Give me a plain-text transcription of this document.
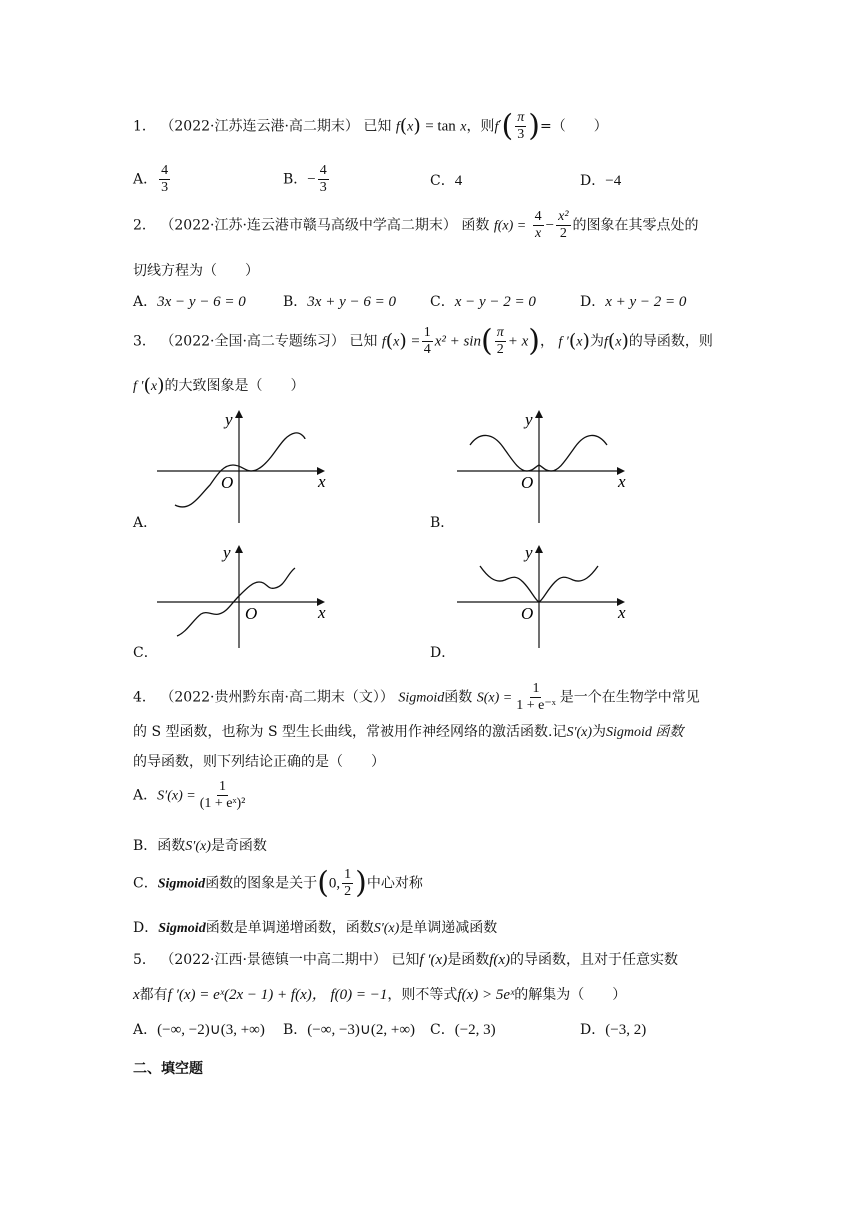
1． （2022·江苏连云港·高二期末） 已知 f(x) = tan x，则$f'( \frac{\pi}{3}$ )=（　　）
A． $\frac{4}{3}$	B．− $\frac{4}{3}$	C．4	D．−4
2． （2022·江苏·连云港市赣马高级中学高二期末） 函数 $f(x) = \frac{4}{x} - \frac{\text{x²}}{2}$ 的图象在其零点处的
切线方程为（　　）
A．3x − y − 6 = 0	B．3x + y − 6 = 0 C．x − y − 2 = 0	D．x + y − 2 = 0
3． （2022·全国·高二专题练习） 已知 $f(x) = \frac{1}{4} x^2 + \sin( \frac{\pi}{2} + x)$， f ′(x)为f(x)的导函数，则
f ′(x)的大致图象是（　　）
y
x
O
A．
y
x
O
B．
y
x
O
C．
y
x
O
D．
4． （2022·贵州黔东南·高二期末（文）） Sigmoid函数 $S(x) = \frac{1}{\text{1 + e⁻ˣ}}$ 是一个在生物学中常见
的 S 型函数，也称为 S 型生长曲线，常被用作神经网络的激活函数.记S′(x)为Sigmoid 函数
的导函数，则下列结论正确的是（　　）
A．$S'(x) = \frac{1}{\text{(1 + eˣ)²}}$
B．函数S′(x)是奇函数
C．Sigmoid函数的图象是关于(0, $\frac{1}{2}$ )中心对称
D．Sigmoid函数是单调递增函数，函数S′(x)是单调递减函数
5． （2022·江西·景德镇一中高二期中） 已知f ′(x)是函数f(x)的导函数，且对于任意实数
x都有f ′(x) = eˣ(2x − 1) + f(x)， f(0) = −1，则不等式f(x) > 5eˣ的解集为（　　）
A．(−∞, −2)∪(3, +∞) B．(−∞, −3)∪(2, +∞) C．(−2, 3)	D．(−3, 2)
二、填空题
